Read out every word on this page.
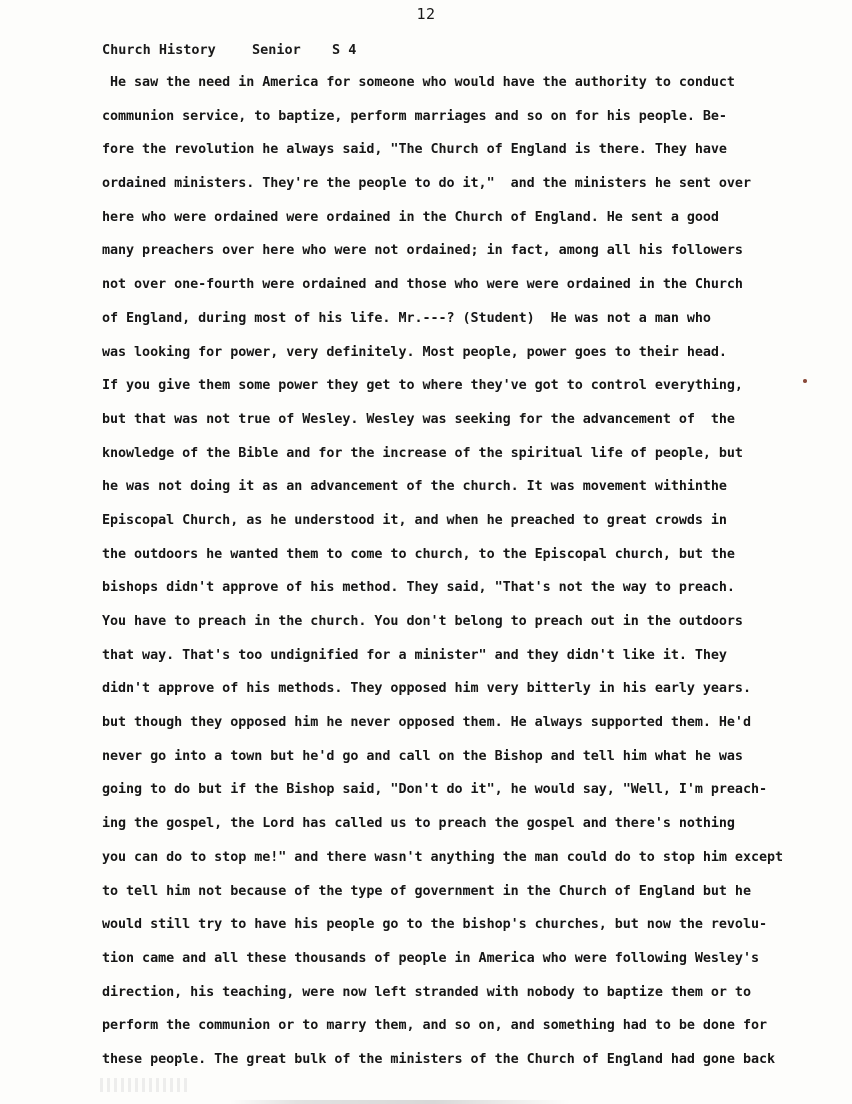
12
Church History	Senior S 4
He saw the need in America for someone who would have the authority to conduct
communion service, to baptize, perform marriages and so on for his people. Be-
fore the revolution he always said, "The Church of England is there. They have
ordained ministers. They're the people to do it,"  and the ministers he sent over
here who were ordained were ordained in the Church of England. He sent a good
many preachers over here who were not ordained; in fact, among all his followers
not over one-fourth were ordained and those who were were ordained in the Church
of England, during most of his life. Mr.---? (Student)  He was not a man who
was looking for power, very definitely. Most people, power goes to their head.
If you give them some power they get to where they've got to control everything,
but that was not true of Wesley. Wesley was seeking for the advancement of  the
knowledge of the Bible and for the increase of the spiritual life of people, but
he was not doing it as an advancement of the church. It was movement withinthe
Episcopal Church, as he understood it, and when he preached to great crowds in
the outdoors he wanted them to come to church, to the Episcopal church, but the
bishops didn't approve of his method. They said, "That's not the way to preach.
You have to preach in the church. You don't belong to preach out in the outdoors
that way. That's too undignified for a minister" and they didn't like it. They
didn't approve of his methods. They opposed him very bitterly in his early years.
but though they opposed him he never opposed them. He always supported them. He'd
never go into a town but he'd go and call on the Bishop and tell him what he was
going to do but if the Bishop said, "Don't do it", he would say, "Well, I'm preach-
ing the gospel, the Lord has called us to preach the gospel and there's nothing
you can do to stop me!" and there wasn't anything the man could do to stop him except
to tell him not because of the type of government in the Church of England but he
would still try to have his people go to the bishop's churches, but now the revolu-
tion came and all these thousands of people in America who were following Wesley's
direction, his teaching, were now left stranded with nobody to baptize them or to
perform the communion or to marry them, and so on, and something had to be done for
these people. The great bulk of the ministers of the Church of England had gone back
